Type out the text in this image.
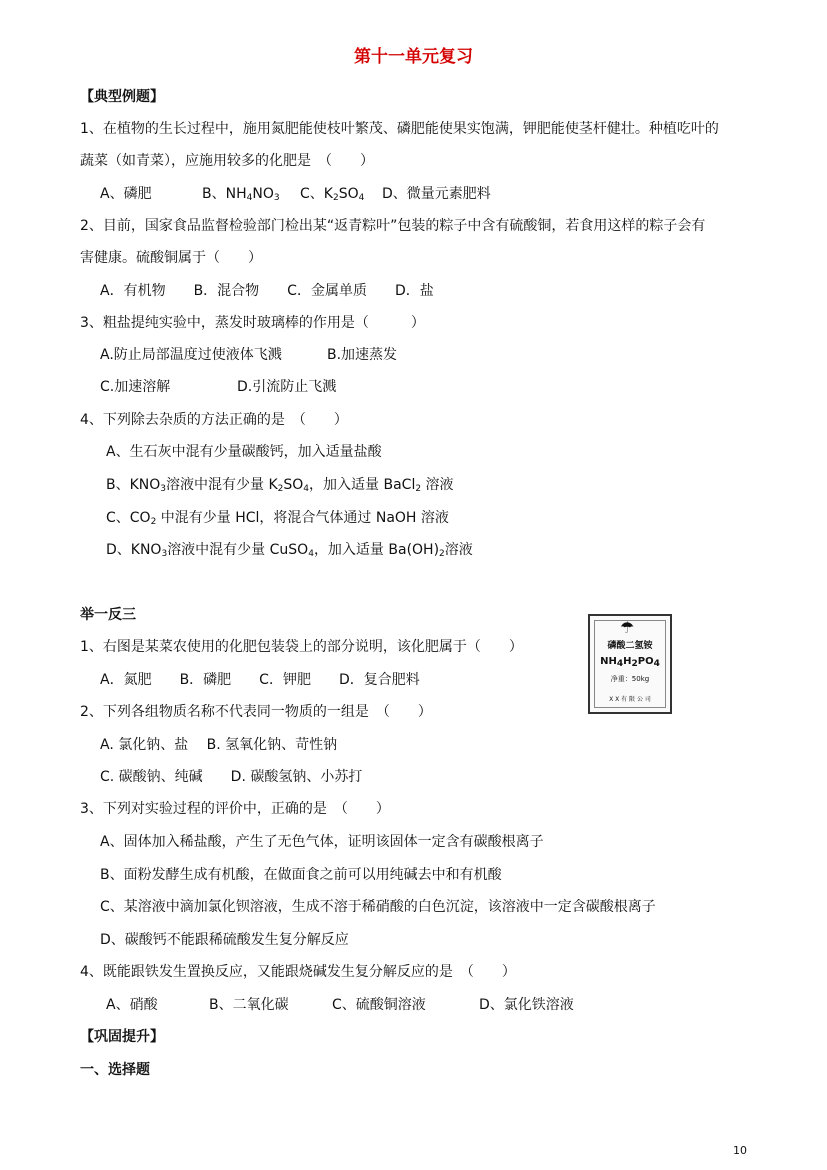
第十一单元复习
【典型例题】
1、在植物的生长过程中，施用氮肥能使枝叶繁茂、磷肥能使果实饱满，钾肥能使茎杆健壮。种植吃叶的
蔬菜（如青菜），应施用较多的化肥是　（　　）
A、磷肥	B、$NH_4NO_3$ C、$K_2SO_4$ D、微量元素肥料
2、目前，国家食品监督检验部门检出某“返青粽叶”包装的粽子中含有硫酸铜，若食用这样的粽子会有
害健康。硫酸铜属于（　　）
A．有机物　　B．混合物　　C．金属单质　　D．盐
3、粗盐提纯实验中，蒸发时玻璃棒的作用是（　　　）
A.防止局部温度过使液体飞溅	B.加速蒸发
C.加速溶解	D.引流防止飞溅
4、下列除去杂质的方法正确的是　（　　）
A、生石灰中混有少量碳酸钙，加入适量盐酸
B、$KNO_3$溶液中混有少量 $K_2SO_4$，加入适量 BaCl$_2$ 溶液
C、$CO_2$ 中混有少量 HCl，将混合气体通过 NaOH 溶液
D、$KNO_3$溶液中混有少量 CuSO$_4$，加入适量 $Ba(OH)_2$溶液
举一反三
1、右图是某菜农使用的化肥包装袋上的部分说明，该化肥属于（　　）
A．氮肥　　B．磷肥　　C．钾肥　　D．复合肥料
☂
磷酸二氢铵
$NH_4H_2PO_4$
净重：50kg
X X 有 限 公 司
2、下列各组物质名称不代表同一物质的一组是　（　　）
A. 氯化钠、盐　 B. 氢氧化钠、苛性钠
C. 碳酸钠、纯碱　　D. 碳酸氢钠、小苏打
3、下列对实验过程的评价中，正确的是　（　　）
A、固体加入稀盐酸，产生了无色气体，证明该固体一定含有碳酸根离子
B、面粉发酵生成有机酸，在做面食之前可以用纯碱去中和有机酸
C、某溶液中滴加氯化钡溶液，生成不溶于稀硝酸的白色沉淀，该溶液中一定含碳酸根离子
D、碳酸钙不能跟稀硫酸发生复分解反应
4、既能跟铁发生置换反应，又能跟烧碱发生复分解反应的是　（　　）
A、硝酸	B、二氧化碳	C、硫酸铜溶液	D、氯化铁溶液
【巩固提升】
一、选择题
10
